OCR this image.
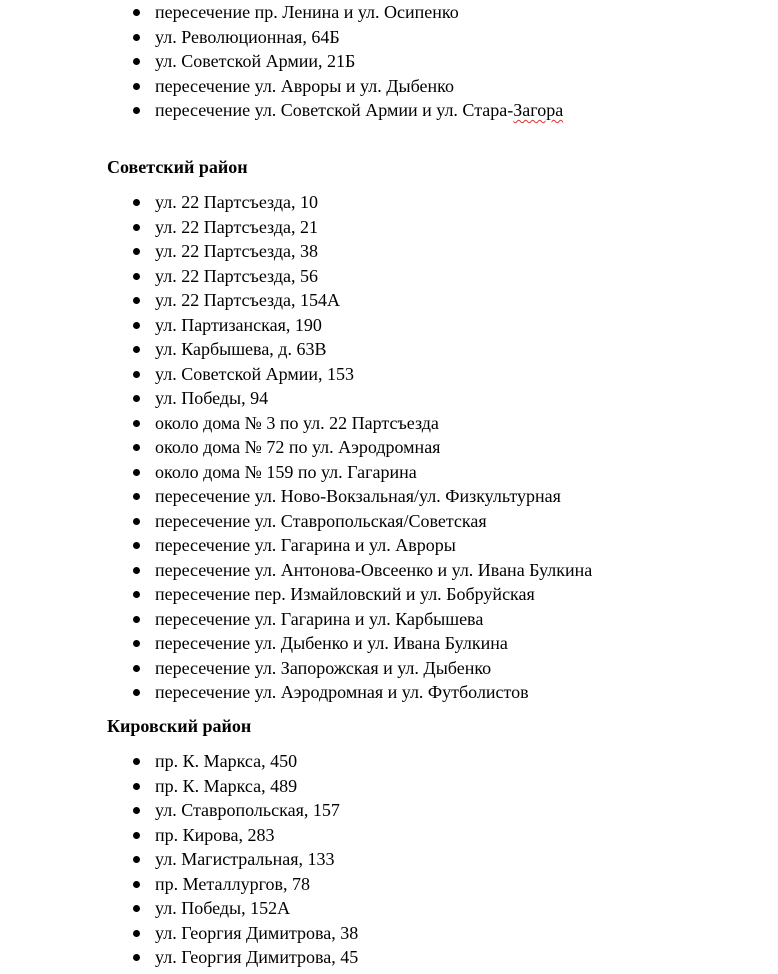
пересечение пр. Ленина и ул. Осипенко
ул. Революционная, 64Б
ул. Советской Армии, 21Б
пересечение ул. Авроры и ул. Дыбенко
пересечение ул. Советской Армии и ул. Стара-Загора
Советский район
ул. 22 Партсъезда, 10
ул. 22 Партсъезда, 21
ул. 22 Партсъезда, 38
ул. 22 Партсъезда, 56
ул. 22 Партсъезда, 154А
ул. Партизанская, 190
ул. Карбышева, д. 63В
ул. Советской Армии, 153
ул. Победы, 94
около дома № 3 по ул. 22 Партсъезда
около дома № 72 по ул. Аэродромная
около дома № 159 по ул. Гагарина
пересечение ул. Ново-Вокзальная/ул. Физкультурная
пересечение ул. Ставропольская/Советская
пересечение ул. Гагарина и ул. Авроры
пересечение ул. Антонова-Овсеенко и ул. Ивана Булкина
пересечение пер. Измайловский и ул. Бобруйская
пересечение ул. Гагарина и ул. Карбышева
пересечение ул. Дыбенко и ул. Ивана Булкина
пересечение ул. Запорожская и ул. Дыбенко
пересечение ул. Аэродромная и ул. Футболистов
Кировский район
пр. К. Маркса, 450
пр. К. Маркса, 489
ул. Ставропольская, 157
пр. Кирова, 283
ул. Магистральная, 133
пр. Металлургов, 78
ул. Победы, 152А
ул. Георгия Димитрова, 38
ул. Георгия Димитрова, 45
